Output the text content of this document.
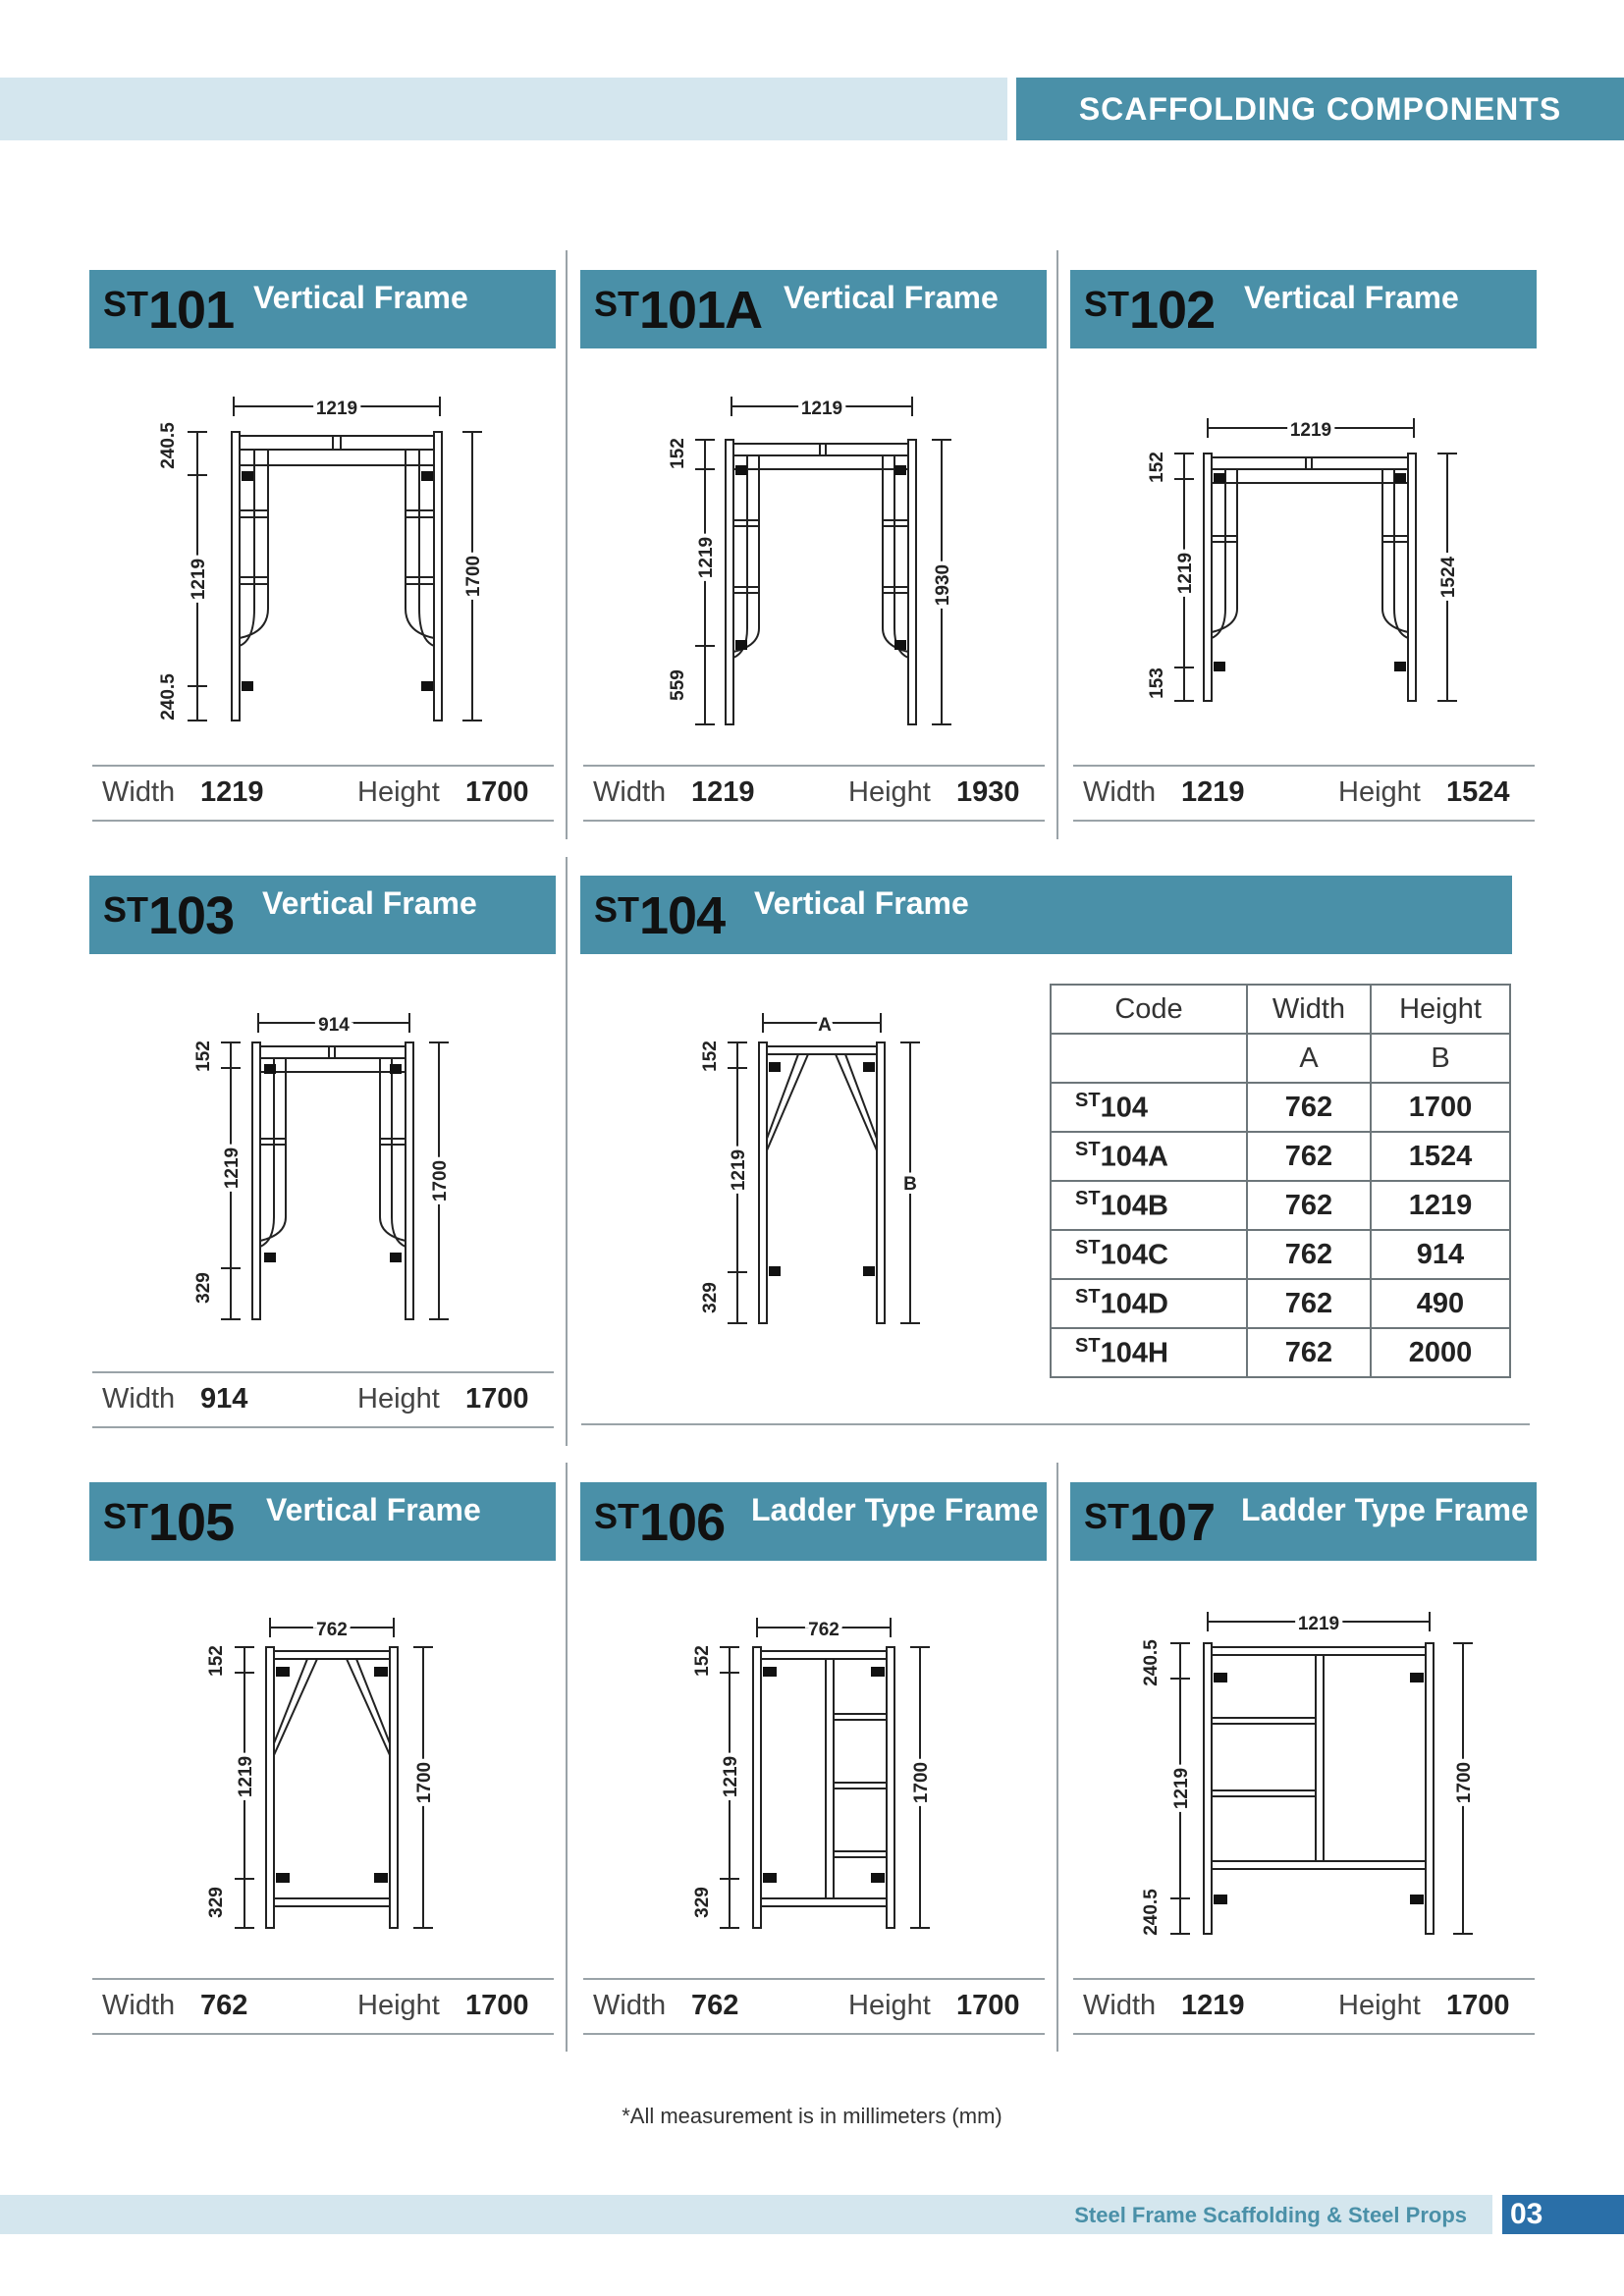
SCAFFOLDING COMPONENTS
ST101 Vertical Frame
1219
1700
240.5
1219
240.5
Width 1219	Height 1700
ST101A Vertical Frame
1219
1930
152
1219
559
Width 1219	Height 1930
ST102 Vertical Frame
1219
1524
152
1219
153
Width 1219	Height 1524
ST103 Vertical Frame
914
1700
152
1219
329
Width 914	Height 1700
ST104 Vertical Frame
A
B
152
1219
329
Code	Width	Height
	A	B
$^{ST}$104	762	1700
$^{ST}$104A	762	1524
$^{ST}$104B	762	1219
$^{ST}$104C	762	914
$^{ST}$104D	762	490
$^{ST}$104H	762	2000
ST105 Vertical Frame
762
1700
152
1219
329
Width 762	Height 1700
ST106 Ladder Type Frame
762
1700
152
1219
329
Width 762	Height 1700
ST107 Ladder Type Frame
1219
1700
240.5
1219
240.5
Width 1219	Height 1700
*All measurement is in millimeters (mm)
Steel Frame Scaffolding & Steel Props 03
